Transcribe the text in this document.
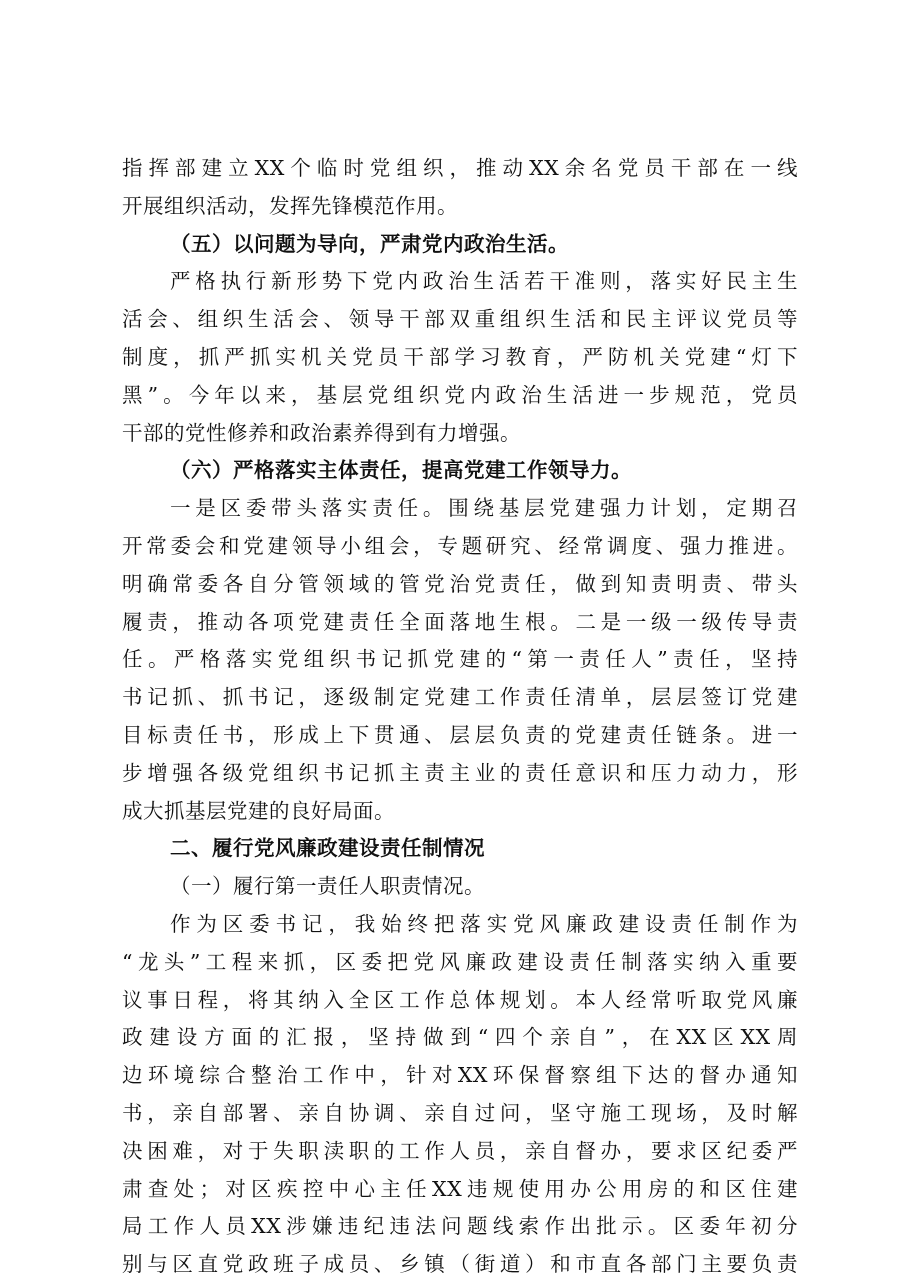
指挥部建立XX个临时党组织，推动XX余名党员干部在一线
开展组织活动，发挥先锋模范作用。
（五）以问题为导向，严肃党内政治生活。
严格执行新形势下党内政治生活若干准则，落实好民主生
活会、组织生活会、领导干部双重组织生活和民主评议党员等
制度，抓严抓实机关党员干部学习教育，严防机关党建“灯下
黑”。今年以来，基层党组织党内政治生活进一步规范，党员
干部的党性修养和政治素养得到有力增强。
（六）严格落实主体责任，提高党建工作领导力。
一是区委带头落实责任。围绕基层党建强力计划，定期召
开常委会和党建领导小组会，专题研究、经常调度、强力推进。
明确常委各自分管领域的管党治党责任，做到知责明责、带头
履责，推动各项党建责任全面落地生根。二是一级一级传导责
任。严格落实党组织书记抓党建的“第一责任人”责任，坚持
书记抓、抓书记，逐级制定党建工作责任清单，层层签订党建
目标责任书，形成上下贯通、层层负责的党建责任链条。进一
步增强各级党组织书记抓主责主业的责任意识和压力动力，形
成大抓基层党建的良好局面。
二、履行党风廉政建设责任制情况
（一）履行第一责任人职责情况。
作为区委书记，我始终把落实党风廉政建设责任制作为
“龙头”工程来抓，区委把党风廉政建设责任制落实纳入重要
议事日程，将其纳入全区工作总体规划。本人经常听取党风廉
政建设方面的汇报，坚持做到“四个亲自”，在XX区XX周
边环境综合整治工作中，针对XX环保督察组下达的督办通知
书，亲自部署、亲自协调、亲自过问，坚守施工现场，及时解
决困难，对于失职渎职的工作人员，亲自督办，要求区纪委严
肃查处；对区疾控中心主任XX违规使用办公用房的和区住建
局工作人员XX涉嫌违纪违法问题线索作出批示。区委年初分
别与区直党政班子成员、乡镇（街道）和市直各部门主要负责
